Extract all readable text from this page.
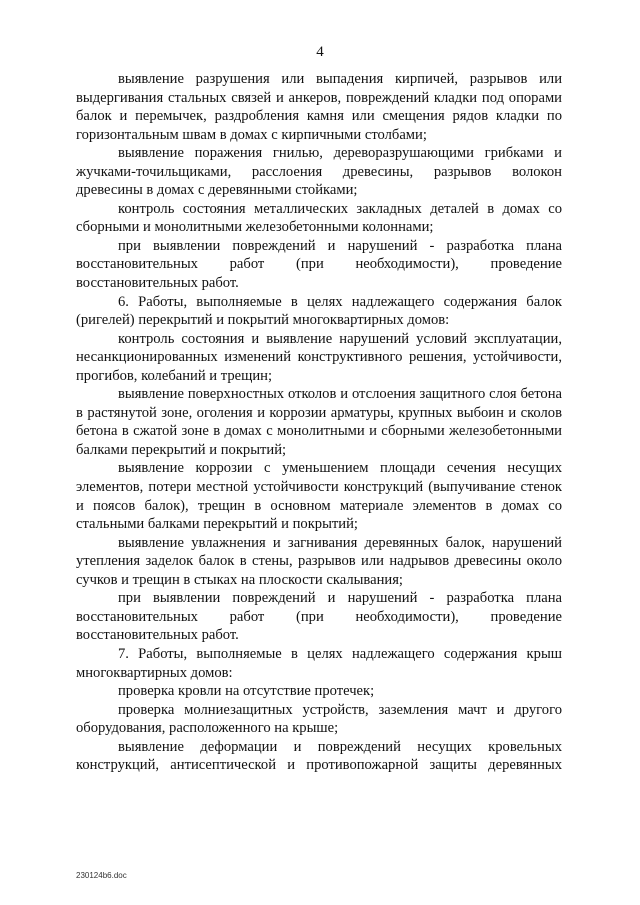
4

выявление разрушения или выпадения кирпичей, разрывов или выдергивания стальных связей и анкеров, повреждений кладки под опорами балок и перемычек, раздробления камня или смещения рядов кладки по горизонтальным швам в домах с кирпичными столбами;

выявление поражения гнилью, дереворазрушающими грибками и жучками-точильщиками, расслоения древесины, разрывов волокон древесины в домах с деревянными стойками;

контроль состояния металлических закладных деталей в домах со сборными и монолитными железобетонными колоннами;

при выявлении повреждений и нарушений - разработка плана восстановительных работ (при необходимости), проведение восстановительных работ.

6. Работы, выполняемые в целях надлежащего содержания балок (ригелей) перекрытий и покрытий многоквартирных домов:

контроль состояния и выявление нарушений условий эксплуатации, несанкционированных изменений конструктивного решения, устойчивости, прогибов, колебаний и трещин;

выявление поверхностных отколов и отслоения защитного слоя бетона в растянутой зоне, оголения и коррозии арматуры, крупных выбоин и сколов бетона в сжатой зоне в домах с монолитными и сборными железобетонными балками перекрытий и покрытий;

выявление коррозии с уменьшением площади сечения несущих элементов, потери местной устойчивости конструкций (выпучивание стенок и поясов балок), трещин в основном материале элементов в домах со стальными балками перекрытий и покрытий;

выявление увлажнения и загнивания деревянных балок, нарушений утепления заделок балок в стены, разрывов или надрывов древесины около сучков и трещин в стыках на плоскости скалывания;

при выявлении повреждений и нарушений - разработка плана восстановительных работ (при необходимости), проведение восстановительных работ.

7. Работы, выполняемые в целях надлежащего содержания крыш многоквартирных домов:

проверка кровли на отсутствие протечек;

проверка молниезащитных устройств, заземления мачт и другого оборудования, расположенного на крыше;

выявление деформации и повреждений несущих кровельных конструкций, антисептической и противопожарной защиты деревянных

230124b6.doc
